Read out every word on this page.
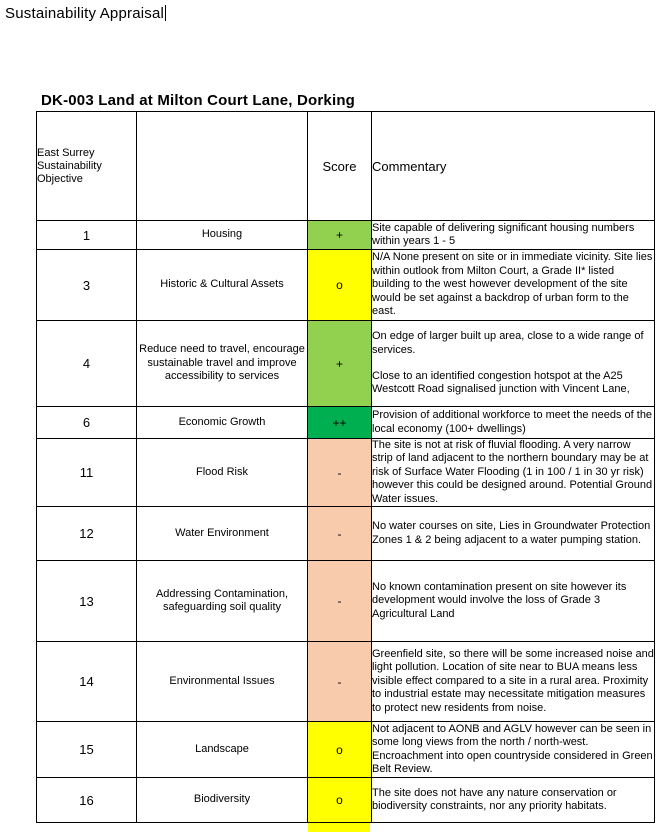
Sustainability Appraisal
DK-003 Land at Milton Court Lane, Dorking
East Surrey Sustainability Objective		Score	Commentary
1	Housing	+	Site capable of delivering significant housing numbers within years 1 - 5

3	Historic & Cultural Assets	o	N/A None present on site or in immediate vicinity. Site lies within outlook from Milton Court, a Grade II* listed building to the west however development of the site would be set against a backdrop of urban form to the east.

4	Reduce need to travel, encourage sustainable travel and improve accessibility to services	+	On edge of larger built up area, close to a wide range of services.
Close to an identified congestion hotspot at the A25 Westcott Road signalised junction with Vincent Lane,

6	Economic Growth	++	Provision of additional workforce to meet the needs of the local economy (100+ dwellings)

11	Flood Risk	-	The site is not at risk of fluvial flooding. A very narrow strip of land adjacent to the northern boundary may be at risk of Surface Water Flooding (1 in 100 / 1 in 30 yr risk) however this could be designed around. Potential Ground Water issues.

12	Water Environment	-	No water courses on site, Lies in Groundwater Protection Zones 1 & 2 being adjacent to a water pumping station.

13	Addressing Contamination, safeguarding soil quality	-	No known contamination present on site however its development would involve the loss of Grade 3 Agricultural Land

14	Environmental Issues	-	Greenfield site, so there will be some increased noise and light pollution. Location of site near to BUA means less visible effect compared to a site in a rural area. Proximity to industrial estate may necessitate mitigation measures to protect new residents from noise.

15	Landscape	o	Not adjacent to AONB and AGLV however can be seen in some long views from the north / north-west. Encroachment into open countryside considered in Green Belt Review.

16	Biodiversity	o	The site does not have any nature conservation or biodiversity constraints, nor any priority habitats.
